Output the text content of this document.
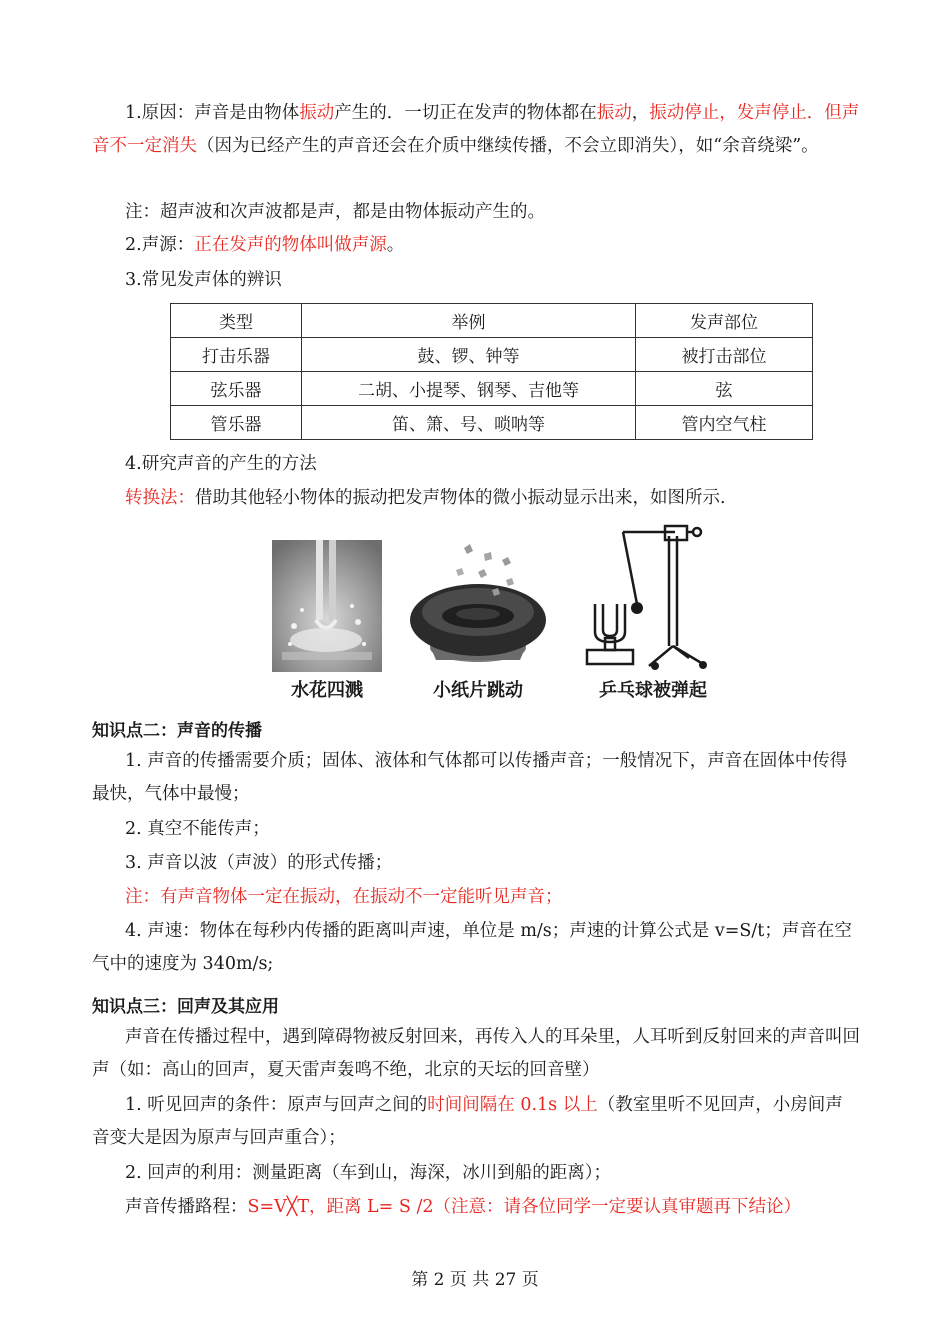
1.原因：声音是由物体振动产生的．一切正在发声的物体都在振动，振动停止，发声停止．但声音不一定消失（因为已经产生的声音还会在介质中继续传播，不会立即消失），如“余音绕梁”。

注：超声波和次声波都是声，都是由物体振动产生的。

2.声源：正在发声的物体叫做声源。

3.常见发声体的辨识

类型	举例	发声部位
打击乐器	鼓、锣、钟等	被打击部位
弦乐器	二胡、小提琴、钢琴、吉他等	弦
管乐器	笛、箫、号、唢呐等	管内空气柱

4.研究声音的产生的方法

转换法：借助其他轻小物体的振动把发声物体的微小振动显示出来，如图所示.

水花四溅	小纸片跳动	乒乓球被弹起
知识点二：声音的传播

1. 声音的传播需要介质；固体、液体和气体都可以传播声音；一般情况下，声音在固体中传得最快，气体中最慢；

2. 真空不能传声；

3. 声音以波（声波）的形式传播；

注：有声音物体一定在振动，在振动不一定能听见声音；

4. 声速：物体在每秒内传播的距离叫声速，单位是 m/s；声速的计算公式是 v=S/t；声音在空气中的速度为 340m/s;

知识点三：回声及其应用

声音在传播过程中，遇到障碍物被反射回来，再传入人的耳朵里，人耳听到反射回来的声音叫回声（如：高山的回声，夏天雷声轰鸣不绝，北京的天坛的回音壁）

1. 听见回声的条件：原声与回声之间的时间间隔在 0.1s 以上（教室里听不见回声，小房间声音变大是因为原声与回声重合）；

2. 回声的利用：测量距离（车到山，海深，冰川到船的距离）；

声音传播路程：S=V╳T，距离 L= S /2（注意：请各位同学一定要认真审题再下结论）

第 2 页 共 27 页
